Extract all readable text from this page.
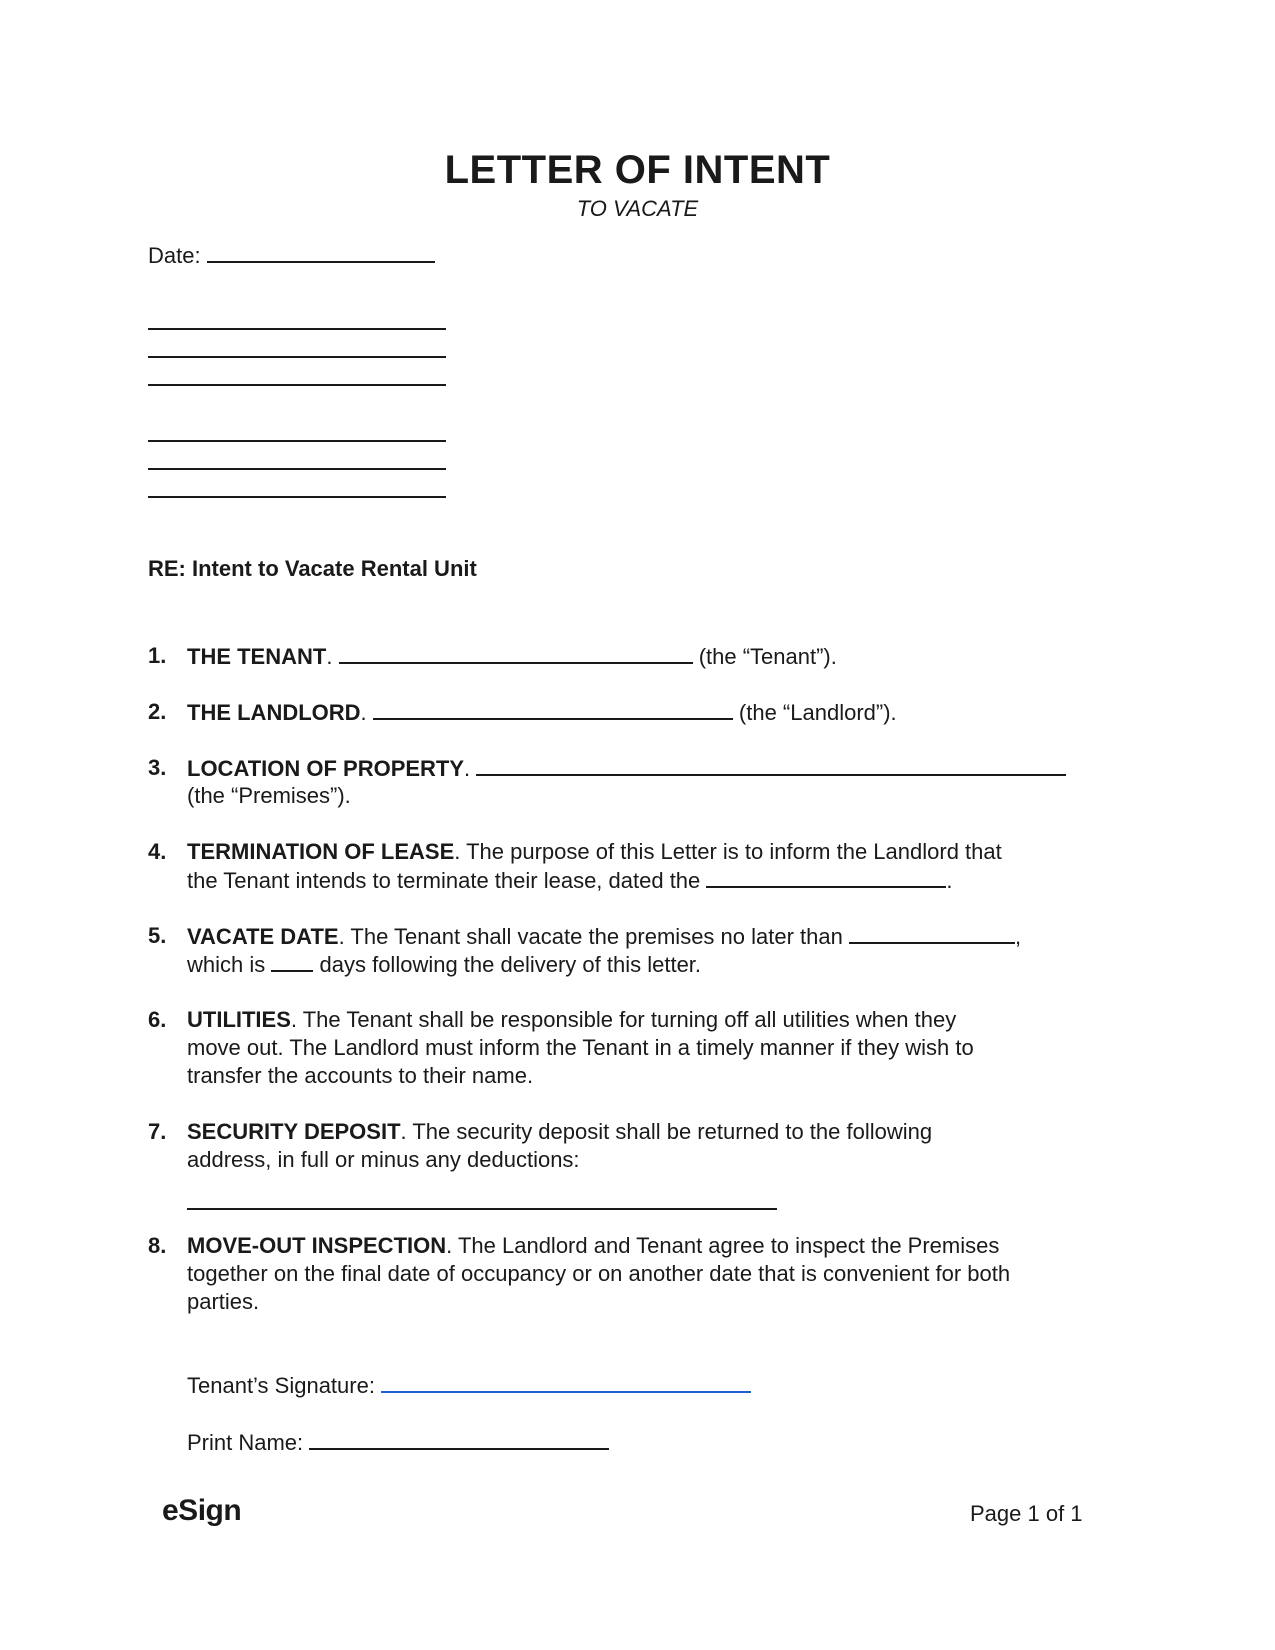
LETTER OF INTENT
TO VACATE
Date:
RE: Intent to Vacate Rental Unit
1. THE TENANT.	(the “Tenant”).
2. THE LANDLORD.	(the “Landlord”).
3. LOCATION OF PROPERTY.
(the “Premises”).
4. TERMINATION OF LEASE. The purpose of this Letter is to inform the Landlord that
the Tenant intends to terminate their lease, dated the	.
5. VACATE DATE. The Tenant shall vacate the premises no later than	,
which is days following the delivery of this letter.
6. UTILITIES. The Tenant shall be responsible for turning off all utilities when they
move out. The Landlord must inform the Tenant in a timely manner if they wish to
transfer the accounts to their name.
7. SECURITY DEPOSIT. The security deposit shall be returned to the following
address, in full or minus any deductions:
8. MOVE-OUT INSPECTION. The Landlord and Tenant agree to inspect the Premises
together on the final date of occupancy or on another date that is convenient for both
parties.
Tenant’s Signature:
Print Name:
eSign	Page 1 of 1
